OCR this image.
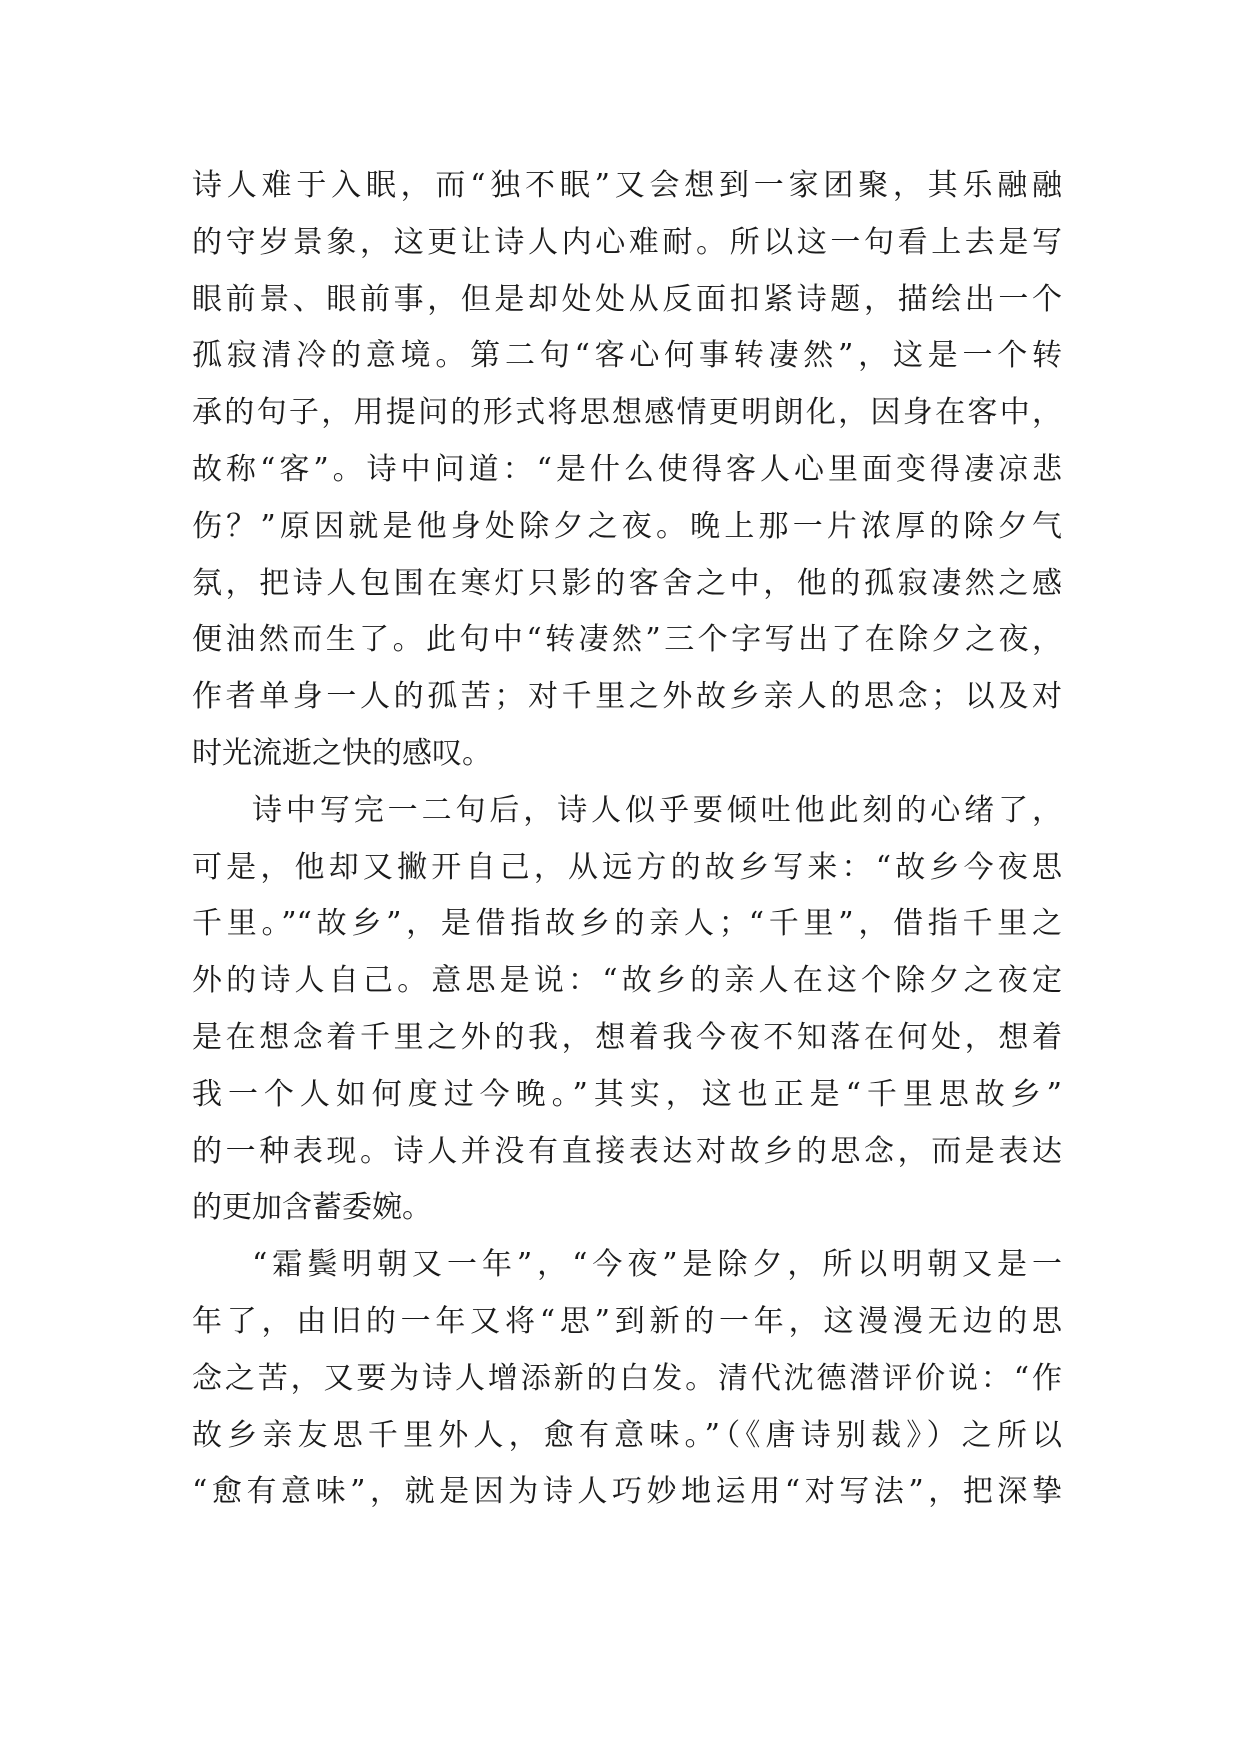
诗人难于入眠，而“独不眠”又会想到一家团聚，其乐融融
的守岁景象，这更让诗人内心难耐。所以这一句看上去是写
眼前景、眼前事，但是却处处从反面扣紧诗题，描绘出一个
孤寂清冷的意境。第二句“客心何事转凄然”，这是一个转
承的句子，用提问的形式将思想感情更明朗化，因身在客中，
故称“客”。诗中问道：“是什么使得客人心里面变得凄凉悲
伤？”原因就是他身处除夕之夜。晚上那一片浓厚的除夕气
氛，把诗人包围在寒灯只影的客舍之中，他的孤寂凄然之感
便油然而生了。此句中“转凄然”三个字写出了在除夕之夜，
作者单身一人的孤苦；对千里之外故乡亲人的思念；以及对
时光流逝之快的感叹。
诗中写完一二句后，诗人似乎要倾吐他此刻的心绪了，
可是，他却又撇开自己，从远方的故乡写来：“故乡今夜思
千里。”“故乡”，是借指故乡的亲人；“千里”，借指千里之
外的诗人自己。意思是说：“故乡的亲人在这个除夕之夜定
是在想念着千里之外的我，想着我今夜不知落在何处，想着
我一个人如何度过今晚。”其实，这也正是“千里思故乡”
的一种表现。诗人并没有直接表达对故乡的思念，而是表达
的更加含蓄委婉。
“霜鬓明朝又一年”，“今夜”是除夕，所以明朝又是一
年了，由旧的一年又将“思”到新的一年，这漫漫无边的思
念之苦，又要为诗人增添新的白发。清代沈德潜评价说：“作
故乡亲友思千里外人，愈有意味。”（《唐诗别裁》）之所以
“愈有意味”，就是因为诗人巧妙地运用“对写法”，把深挚
